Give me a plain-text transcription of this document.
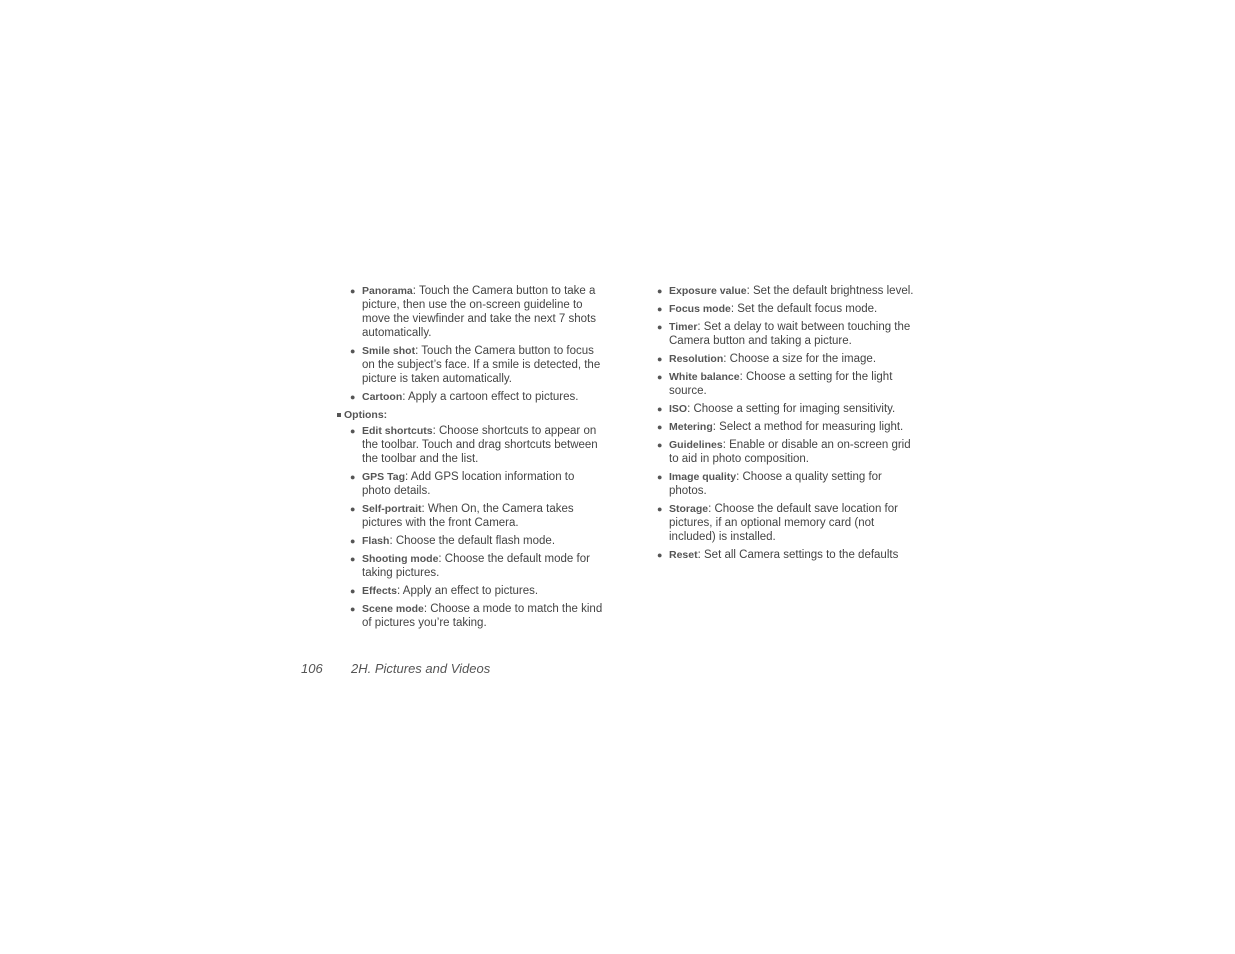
● Panorama: Touch the Camera button to take a picture, then use the on-screen guideline to move the viewfinder and take the next 7 shots automatically.
● Smile shot: Touch the Camera button to focus on the subject’s face. If a smile is detected, the picture is taken automatically.
● Cartoon: Apply a cartoon effect to pictures.
Options:
● Edit shortcuts: Choose shortcuts to appear on the toolbar. Touch and drag shortcuts between the toolbar and the list.
● GPS Tag: Add GPS location information to photo details.
● Self-portrait: When On, the Camera takes pictures with the front Camera.
● Flash: Choose the default flash mode.
● Shooting mode: Choose the default mode for taking pictures.
● Effects: Apply an effect to pictures.
● Scene mode: Choose a mode to match the kind of pictures you’re taking.
● Exposure value: Set the default brightness level.
● Focus mode: Set the default focus mode.
● Timer: Set a delay to wait between touching the Camera button and taking a picture.
● Resolution: Choose a size for the image.
● White balance: Choose a setting for the light source.
● ISO: Choose a setting for imaging sensitivity.
● Metering: Select a method for measuring light.
● Guidelines: Enable or disable an on-screen grid to aid in photo composition.
● Image quality: Choose a quality setting for photos.
● Storage: Choose the default save location for pictures, if an optional memory card (not included) is installed.
● Reset: Set all Camera settings to the defaults
106 2H. Pictures and Videos
